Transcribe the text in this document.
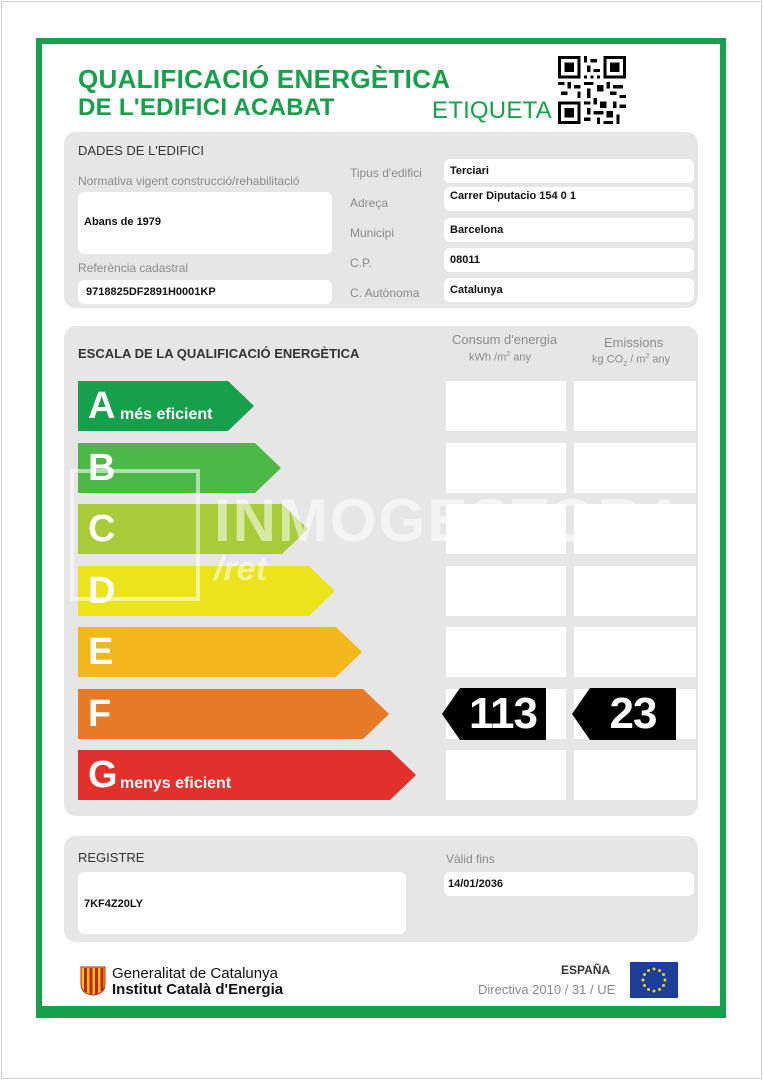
QUALIFICACIÓ ENERGÈTICA
DE L'EDIFICI ACABAT	ETIQUETA
DADES DE L'EDIFICI
Normativa vigent construcció/rehabilitació
Abans de 1979
Referència cadastral
9718825DF2891H0001KP
Tipus d'edifici	Terciari
Adreça	Carrer Diputacio 154 0 1
Municipi	Barcelona
C.P.	08011
C. Autònoma	Catalunya
ESCALA DE LA QUALIFICACIÓ ENERGÈTICA
Consum d'energia
kWh $/m^2$ any
Emissions
kg $CO_2 / m^2$ any
A més eficient
B
C
D
E
F	113	23
G menys eficient
INMOGESTORA
/ret
REGISTRE
7KF4Z20LY
Vàlid fins
14/01/2036
Generalitat de Catalunya
Institut Català d'Energia
ESPAÑA
Directiva 2010 / 31 / UE
